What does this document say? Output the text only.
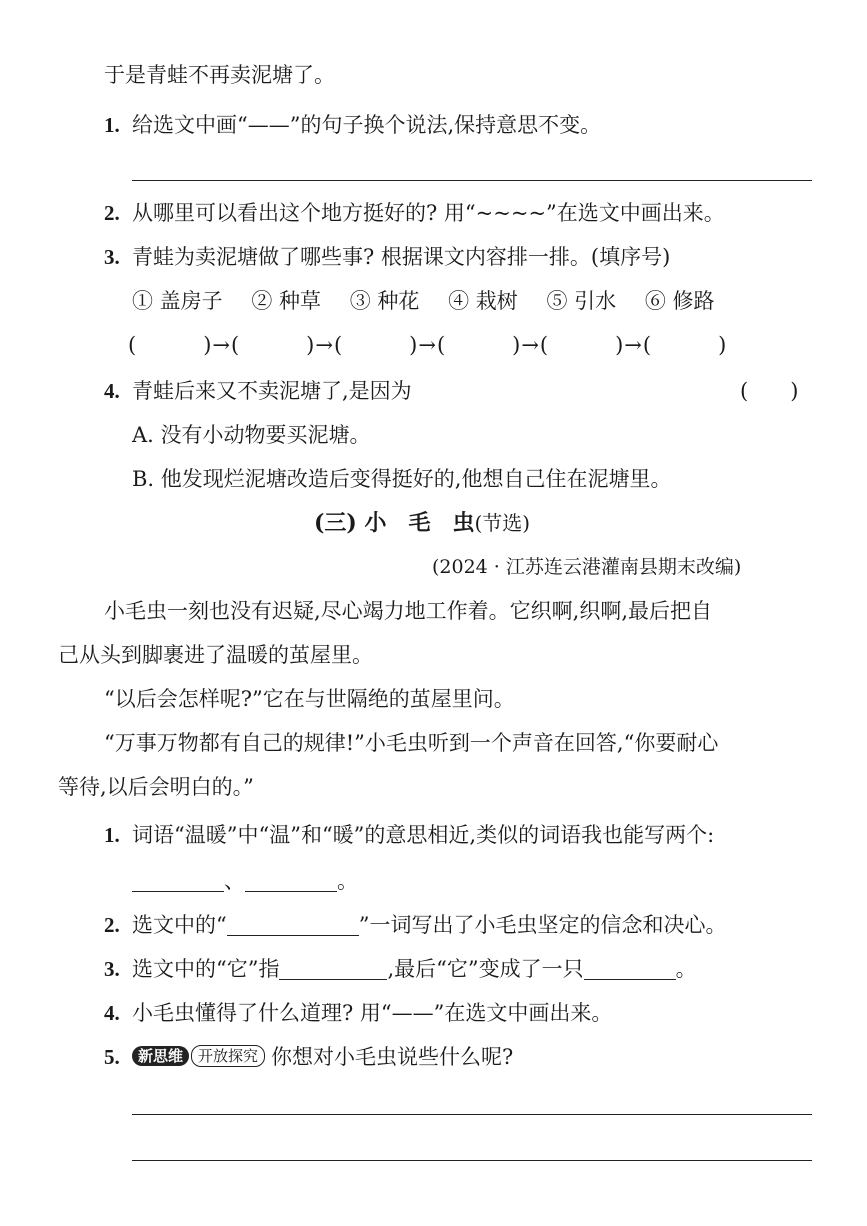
于是青蛙不再卖泥塘了。
1. 给选文中画“——”的句子换个说法,保持意思不变。
2. 从哪里可以看出这个地方挺好的? 用“~~~~”在选文中画出来。
3. 青蛙为卖泥塘做了哪些事? 根据课文内容排一排。(填序号)
① 盖房子 ② 种草 ③ 种花 ④ 栽树 ⑤ 引水 ⑥ 修路
(　　　)→(　　　)→(　　　)→(　　　)→(　　　)→(　　　)
4. 青蛙后来又不卖泥塘了,是因为	(　　)
A. 没有小动物要买泥塘。
B. 他发现烂泥塘改造后变得挺好的,他想自己住在泥塘里。
(三) 小　毛　虫(节选)
(2024 · 江苏连云港灌南县期末改编)
小毛虫一刻也没有迟疑,尽心竭力地工作着。它织啊,织啊,最后把自
己从头到脚裹进了温暖的茧屋里。
“以后会怎样呢?”它在与世隔绝的茧屋里问。
“万事万物都有自己的规律!”小毛虫听到一个声音在回答,“你要耐心
等待,以后会明白的。”
1. 词语“温暖”中“温”和“暖”的意思相近,类似的词语我也能写两个:
、	。
2. 选文中的“	”一词写出了小毛虫坚定的信念和决心。
3. 选文中的“它”指	,最后“它”变成了一只	。
4. 小毛虫懂得了什么道理? 用“——”在选文中画出来。
5.	新思维 开放探究 你想对小毛虫说些什么呢?
